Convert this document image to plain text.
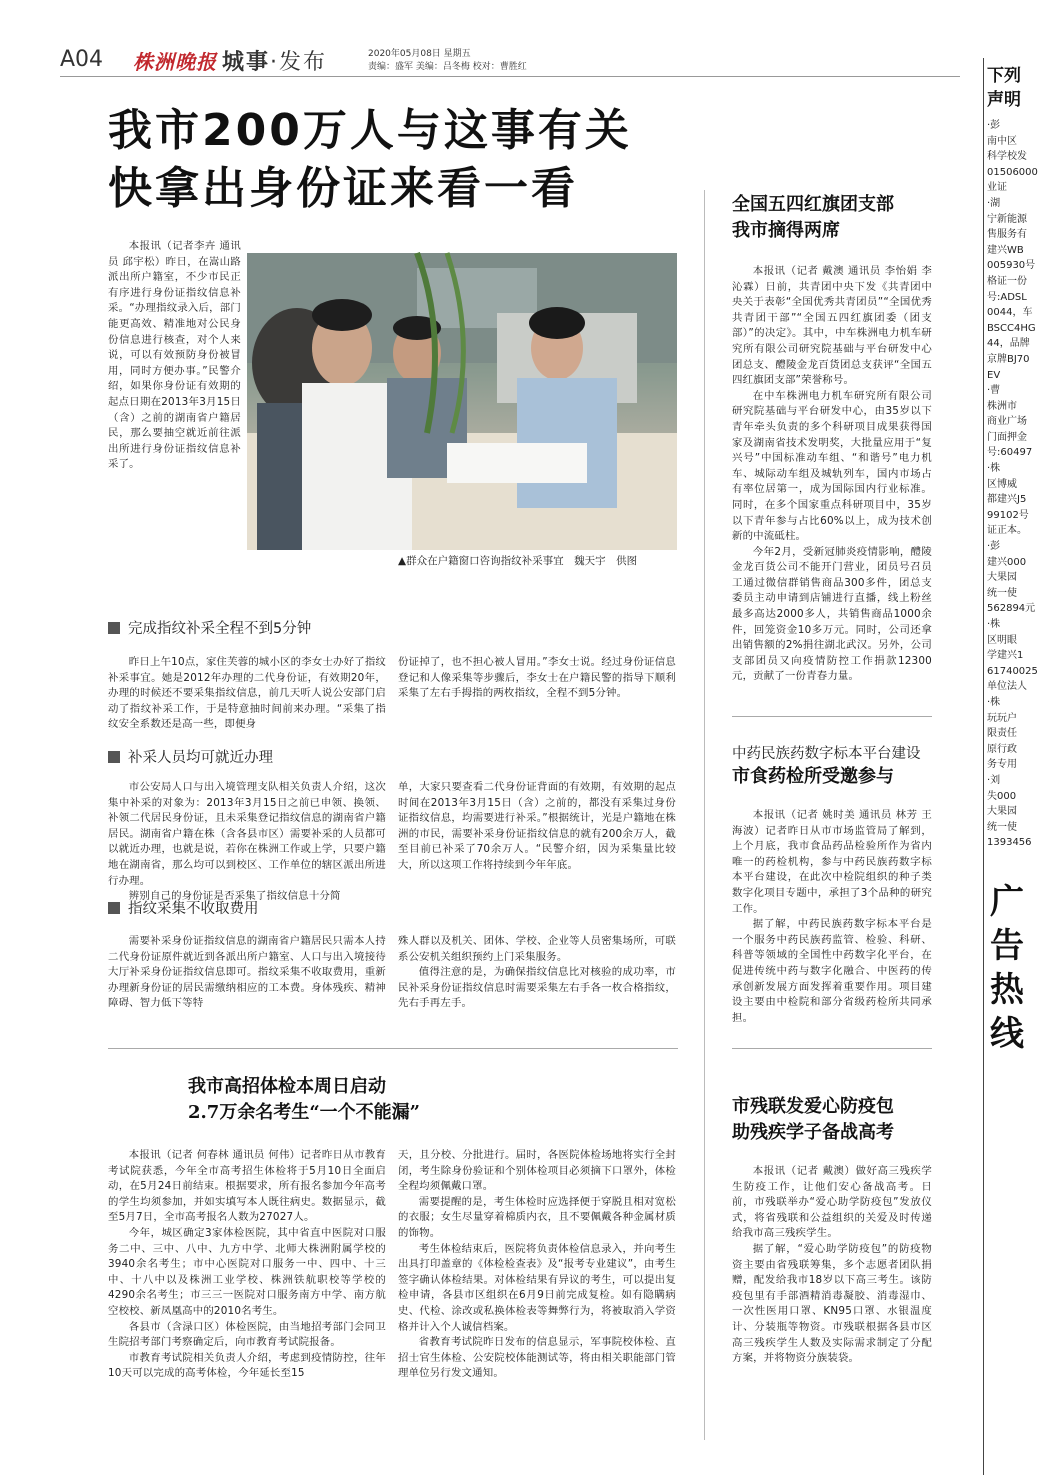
A04 株洲晚报 城事·发布	2020年05月08日 星期五
责编：盛军 美编：吕冬梅 校对：曹胜红
我市200万人与这事有关
快拿出身份证来看一看

本报讯（记者李卉 通讯员 邱宇松）昨日，在嵩山路派出所户籍室，不少市民正有序进行身份证指纹信息补采。“办理指纹录入后，部门能更高效、精准地对公民身份信息进行核查，对个人来说，可以有效预防身份被冒用，同时方便办事。”民警介绍，如果你身份证有效期的起点日期在2013年3月15日（含）之前的湖南省户籍居民，那么要抽空就近前往派出所进行身份证指纹信息补采了。

▲群众在户籍窗口咨询指纹补采事宜　魏天宇　供图
完成指纹补采全程不到5分钟

昨日上午10点，家住芙蓉的城小区的李女士办好了指纹补采事宜。她是2012年办理的二代身份证，有效期20年，办理的时候还不要采集指纹信息，前几天听人说公安部门启动了指纹补采工作，于是特意抽时间前来办理。“采集了指纹安全系数还是高一些，即便身

份证掉了，也不担心被人冒用。”李女士说。经过身份证信息登记和人像采集等步骤后，李女士在户籍民警的指导下顺利采集了左右手拇指的两枚指纹，全程不到5分钟。

补采人员均可就近办理

市公安局人口与出入境管理支队相关负责人介绍，这次集中补采的对象为：2013年3月15日之前已申领、换领、补领二代居民身份证，且未采集登记指纹信息的湖南省户籍居民。湖南省户籍在株（含各县市区）需要补采的人员都可以就近办理，也就是说，若你在株洲工作或上学，只要户籍地在湖南省，那么均可以到校区、工作单位的辖区派出所进行办理。

辨别自己的身份证是否采集了指纹信息十分简

单，大家只要查看二代身份证背面的有效期，有效期的起点时间在2013年3月15日（含）之前的，都没有采集过身份证指纹信息，均需要进行补采。”根据统计，光是户籍地在株洲的市民，需要补采身份证指纹信息的就有200余万人，截至目前已补采了70余万人。“民警介绍，因为采集量比较大，所以这项工作将持续到今年年底。

指纹采集不收取费用

需要补采身份证指纹信息的湖南省户籍居民只需本人持二代身份证原件就近到各派出所户籍室、人口与出入境接待大厅补采身份证指纹信息即可。指纹采集不收取费用，重新办理新身份证的居民需缴纳相应的工本费。身体残疾、精神障碍、智力低下等特

殊人群以及机关、团体、学校、企业等人员密集场所，可联系公安机关组织预约上门采集服务。

值得注意的是，为确保指纹信息比对核验的成功率，市民补采身份证指纹信息时需要采集左右手各一枚合格指纹，先右手再左手。

我市高招体检本周日启动
2.7万余名考生“一个不能漏”

本报讯（记者 何春林 通讯员 何伟）记者昨日从市教育考试院获悉，今年全市高考招生体检将于5月10日全面启动，在5月24日前结束。根据要求，所有报名参加今年高考的学生均须参加，并如实填写本人既往病史。数据显示，截至5月7日，全市高考报名人数为27027人。

今年，城区确定3家体检医院，其中省直中医院对口服务二中、三中、八中、九方中学、北师大株洲附属学校的3940余名考生；市中心医院对口服务一中、四中、十三中、十八中以及株洲工业学校、株洲铁航职校等学校的4290余名考生；市三三一医院对口服务南方中学、南方航空校校、新凤凰高中的2010名考生。

各县市（含渌口区）体检医院，由当地招考部门会同卫生院招考部门考察确定后，向市教育考试院报备。

市教育考试院相关负责人介绍，考虑到疫情防控，往年10天可以完成的高考体检，今年延长至15

天，且分校、分批进行。届时，各医院体检场地将实行全封闭，考生除身份验证和个别体检项目必须摘下口罩外，体检全程均须佩戴口罩。

需要提醒的是，考生体检时应选择便于穿脱且相对宽松的衣服；女生尽量穿着棉质内衣，且不要佩戴各种金属材质的饰物。

考生体检结束后，医院将负责体检信息录入，并向考生出具打印盖章的《体检检查表》及“报考专业建议”，由考生签字确认体检结果。对体检结果有异议的考生，可以提出复检申请，各县市区组织在6月9日前完成复检。如有隐瞒病史、代检、涂改或私换体检表等舞弊行为，将被取消入学资格并计入个人诚信档案。

省教育考试院昨日发布的信息显示，军事院校体检、直招士官生体检、公安院校体能测试等，将由相关职能部门管理单位另行发文通知。

全国五四红旗团支部
我市摘得两席

本报讯（记者 戴澳 通讯员 李怡娟 李沁霖）日前，共青团中央下发《共青团中央关于表彰“全国优秀共青团员”“全国优秀共青团干部”“全国五四红旗团委（团支部）”的决定》。其中，中车株洲电力机车研究所有限公司研究院基础与平台研发中心团总支、醴陵金龙百货团总支获评“全国五四红旗团支部”荣誉称号。

在中车株洲电力机车研究所有限公司研究院基础与平台研发中心，由35岁以下青年牵头负责的多个科研项目成果获得国家及湖南省技术发明奖，大批量应用于“复兴号”中国标准动车组、“和谐号”电力机车、城际动车组及城轨列车，国内市场占有率位居第一，成为国际国内行业标准。同时，在多个国家重点科研项目中，35岁以下青年参与占比60%以上，成为技术创新的中流砥柱。

今年2月，受新冠肺炎疫情影响，醴陵金龙百货公司不能开门营业，团员号召员工通过微信群销售商品300多件，团总支委员主动申请到店铺进行直播，线上粉丝最多高达2000多人，共销售商品1000余件，回笼资金10多万元。同时，公司还拿出销售额的2%捐往湖北武汉。另外，公司支部团员又向疫情防控工作捐款12300元，贡献了一份青春力量。

中药民族药数字标本平台建设
市食药检所受邀参与

本报讯（记者 姚时美 通讯员 林芳 王海波）记者昨日从市市场监管局了解到，上个月底，我市食品药品检验所作为省内唯一的药检机构，参与中药民族药数字标本平台建设，在此次中检院组织的种子类数字化项目专题中，承担了3个品种的研究工作。

据了解，中药民族药数字标本平台是一个服务中药民族药监管、检验、科研、科普等领域的全国性中药数字化平台，在促进传统中药与数字化融合、中医药的传承创新发展方面发挥着重要作用。项目建设主要由中检院和部分省级药检所共同承担。

市残联发爱心防疫包
助残疾学子备战高考

本报讯（记者 戴澳）做好高三残疾学生防疫工作，让他们安心备战高考。日前，市残联举办“爱心助学防疫包”发放仪式，将省残联和公益组织的关爱及时传递给我市高三残疾学生。

据了解，“爱心助学防疫包”的防疫物资主要由省残联筹集，多个志愿者团队捐赠，配发给我市18岁以下高三考生。该防疫包里有手部酒精消毒凝胶、消毒湿巾、一次性医用口罩、KN95口罩、水银温度计、分装瓶等物资。市残联根据各县市区高三残疾学生人数及实际需求制定了分配方案，并将物资分族装袋。

下列
声明
·彭
南中区
科学校发
01506000
业证
·湖
宁新能源
售服务有
建兴WB
005930号
格证一份
号:ADSL
0044，车
BSCC4HG
44，品牌
京牌BJ70
EV
·曹
株洲市
商业广场
门面押金
号:60497
·株
区博威
都建兴J5
99102号
证正本。
·彭
建兴000
大果园
统一使
562894元
·株
区明眼
学建兴1
61740025
单位法人
·株
玩玩户
限责任
原行政
务专用
·刘
失000
大果园
统一使
1393456
广告热线
